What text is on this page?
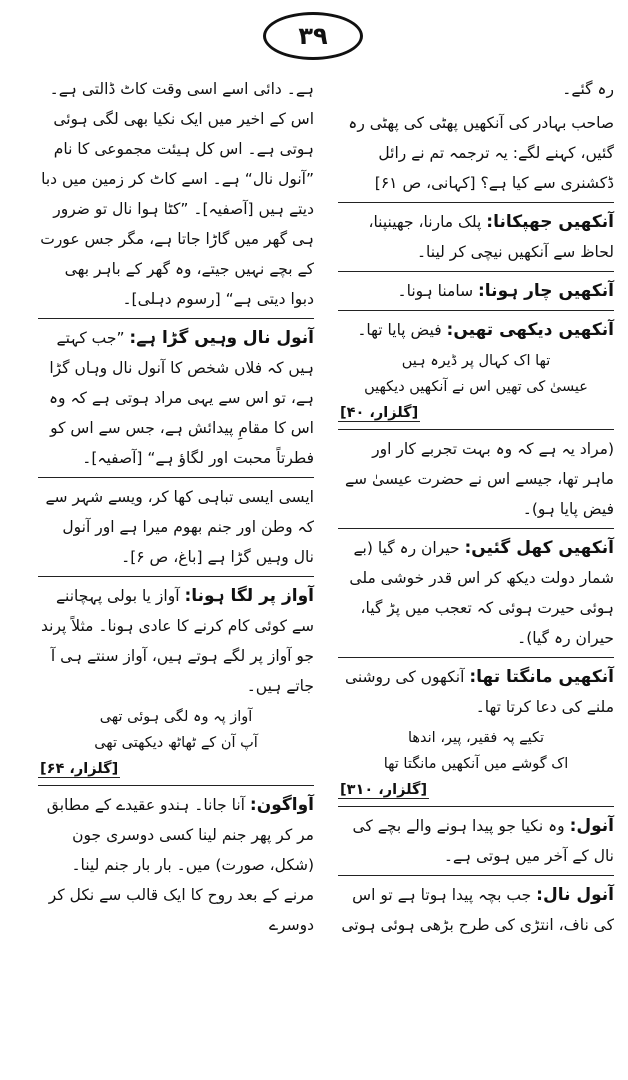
۳۹

رہ گئے۔

صاحب بہادر کی آنکھیں پھٹی کی پھٹی رہ گئیں، کہنے لگے: یہ ترجمہ تم نے رائل ڈکشنری سے کیا ہے؟ [کہانی، ص ۶۱]

آنکھیں جھپکانا: پلک مارنا، جھینپنا، لحاظ سے آنکھیں نیچی کر لینا۔

آنکھیں چار ہونا: سامنا ہونا۔

آنکھیں دیکھی تھیں: فیض پایا تھا۔

تھا اک کہال پر ڈیرہ ہیں
عیسیٰ کی تھیں اس نے آنکھیں دیکھیں
[گلزار، ۴۰]

(مراد یہ ہے کہ وہ بہت تجربے کار اور ماہر تھا، جیسے اس نے حضرت عیسیٰ سے فیض پایا ہو)۔

آنکھیں کھل گئیں: حیران رہ گیا (بے شمار دولت دیکھ کر اس قدر خوشی ملی ہوئی حیرت ہوئی کہ تعجب میں پڑ گیا، حیران رہ گیا)۔

آنکھیں مانگتا تھا: آنکھوں کی روشنی ملنے کی دعا کرتا تھا۔

تکیے پہ فقیر، پیر، اندھا
اک گوشے میں آنکھیں مانگتا تھا
[گلزار، ۳۱۰]

آنول: وہ نکیا جو پیدا ہونے والے بچے کی نال کے آخر میں ہوتی ہے۔

آنول نال: جب بچہ پیدا ہوتا ہے تو اس کی ناف، انتڑی کی طرح بڑھی ہوئی ہوتی

ہے۔ دائی اسے اسی وقت کاٹ ڈالتی ہے۔ اس کے اخیر میں ایک نکیا بھی لگی ہوئی ہوتی ہے۔ اس کل ہیئت مجموعی کا نام ”آنول نال“ ہے۔ اسے کاٹ کر زمین میں دبا دیتے ہیں [آصفیہ]۔ ”کٹا ہوا نال تو ضرور ہی گھر میں گاڑا جاتا ہے، مگر جس عورت کے بچے نہیں جیتے، وہ گھر کے باہر بھی دبوا دیتی ہے“ [رسوم دہلی]۔

آنول نال وہیں گڑا ہے: ”جب کہتے ہیں کہ فلاں شخص کا آنول نال وہاں گڑا ہے، تو اس سے یہی مراد ہوتی ہے کہ وہ اس کا مقامِ پیدائش ہے، جس سے اس کو فطرتاً محبت اور لگاؤ ہے“ [آصفیہ]۔

ایسی ایسی تباہی کھا کر، ویسے شہر سے کہ وطن اور جنم بھوم میرا ہے اور آنول نال وہیں گڑا ہے [باغ، ص ۶]۔

آواز پر لگا ہونا: آواز یا بولی پہچاننے سے کوئی کام کرنے کا عادی ہونا۔ مثلاً پرند جو آواز پر لگے ہوتے ہیں، آواز سنتے ہی آ جاتے ہیں۔

آواز پہ وہ لگی ہوئی تھی
آپ آن کے ٹھاٹھ دیکھتی تھی
[گلزار، ۶۴]

آواگون: آنا جانا۔ ہندو عقیدے کے مطابق مر کر پھر جنم لینا کسی دوسری جون (شکل، صورت) میں۔ بار بار جنم لینا۔ مرنے کے بعد روح کا ایک قالب سے نکل کر دوسرے
